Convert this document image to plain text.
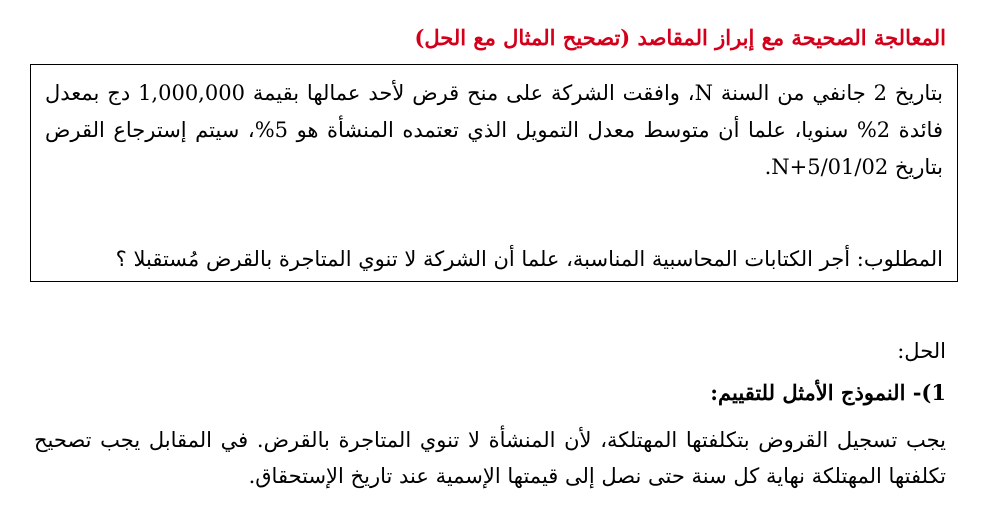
المعالجة الصحيحة مع إبراز المقاصد (تصحيح المثال مع الحل)
بتاريخ 2 جانفي من السنة N، وافقت الشركة على منح قرض لأحد عمالها بقيمة 1,000,000 دج بمعدل فائدة 2% سنويا، علما أن متوسط معدل التمويل الذي تعتمده المنشأة هو 5%، سيتم إسترجاع القرض بتاريخ N+5/01/02.
المطلوب: أجر الكتابات المحاسبية المناسبة، علما أن الشركة لا تنوي المتاجرة بالقرض مُستقبلا ؟
الحل:
1)- النموذج الأمثل للتقييم:
يجب تسجيل القروض بتكلفتها المهتلكة، لأن المنشأة لا تنوي المتاجرة بالقرض. في المقابل يجب تصحيح تكلفتها المهتلكة نهاية كل سنة حتى نصل إلى قيمتها الإسمية عند تاريخ الإستحقاق.
